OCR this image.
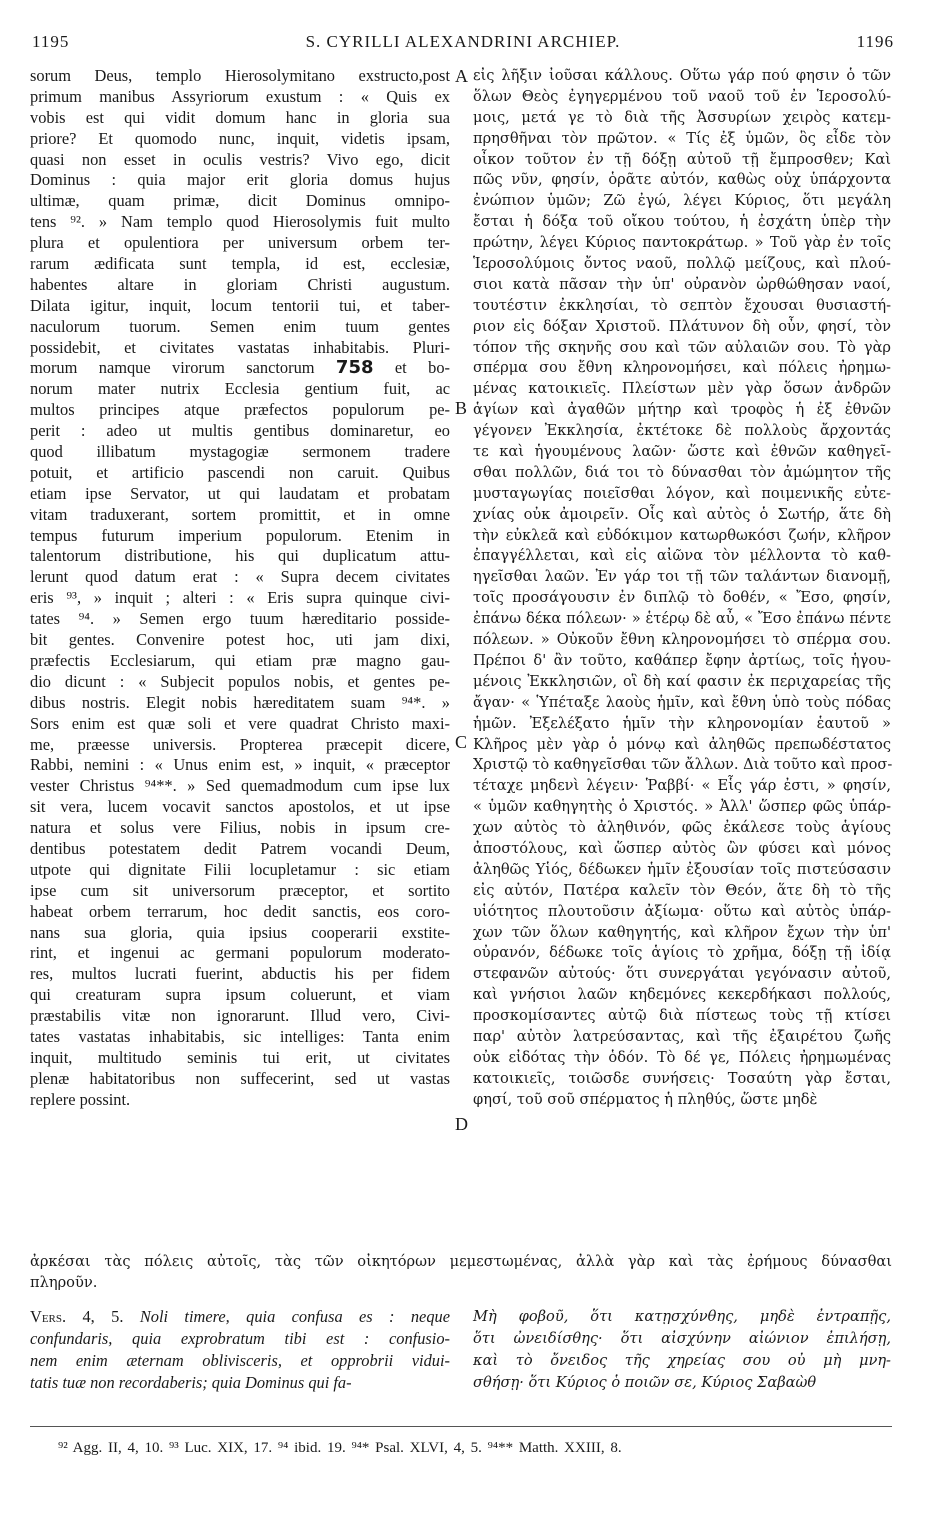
1195	S. CYRILLI ALEXANDRINI ARCHIEP.	1196
sorum Deus, templo Hierosolymitano exstructo,post
primum manibus Assyriorum exustum : « Quis ex
vobis est qui vidit domum hanc in gloria sua
priore? Et quomodo nunc, inquit, videtis ipsam,
quasi non esset in oculis vestris? Vivo ego, dicit
Dominus : quia major erit gloria domus hujus
ultimæ, quam primæ, dicit Dominus omnipo-
tens ⁹². » Nam templo quod Hierosolymis fuit multo
plura et opulentiora per universum orbem ter-
rarum ædificata sunt templa, id est, ecclesiæ,
habentes altare in gloriam Christi augustum.
Dilata igitur, inquit, locum tentorii tui, et taber-
naculorum tuorum. Semen enim tuum gentes
possidebit, et civitates vastatas inhabitabis. Pluri-
morum namque virorum sanctorum 758 et bo-
norum mater nutrix Ecclesia gentium fuit, ac
multos principes atque præfectos populorum pe-
perit : adeo ut multis gentibus dominaretur, eo
quod illibatum mystagogiæ sermonem tradere
potuit, et artificio pascendi non caruit. Quibus
etiam ipse Servator, ut qui laudatam et probatam
vitam traduxerant, sortem promittit, et in omne
tempus futurum imperium populorum. Etenim in
talentorum distributione, his qui duplicatum attu-
lerunt quod datum erat : « Supra decem civitates
eris ⁹³, » inquit ; alteri : « Eris supra quinque civi-
tates ⁹⁴. » Semen ergo tuum hæreditario posside-
bit gentes. Convenire potest hoc, uti jam dixi,
præfectis Ecclesiarum, qui etiam præ magno gau-
dio dicunt : « Subjecit populos nobis, et gentes pe-
dibus nostris. Elegit nobis hæreditatem suam ⁹⁴*. »
Sors enim est quæ soli et vere quadrat Christo maxi-
me, præesse universis. Propterea præcepit dicere,
Rabbi, nemini : « Unus enim est, » inquit, « præceptor
vester Christus ⁹⁴**. » Sed quemadmodum cum ipse lux
sit vera, lucem vocavit sanctos apostolos, et ut ipse
natura et solus vere Filius, nobis in ipsum cre-
dentibus potestatem dedit Patrem vocandi Deum,
utpote qui dignitate Filii locupletamur : sic etiam
ipse cum sit universorum præceptor, et sortito
habeat orbem terrarum, hoc dedit sanctis, eos coro-
nans sua gloria, quia ipsius cooperarii exstite-
rint, et ingenui ac germani populorum moderato-
res, multos lucrati fuerint, abductis his per fidem
qui creaturam supra ipsum coluerunt, et viam
præstabilis vitæ non ignorarunt. Illud vero, Civi-
tates vastatas inhabitabis, sic intelliges: Tanta enim
inquit, multitudo seminis tui erit, ut civitates
plenæ habitatoribus non suffecerint, sed ut vastas
replere possint.
εἰς λῆξιν ἰοῦσαι κάλλους. Οὕτω γάρ πού φησιν ὁ τῶν
ὅλων Θεὸς ἐγηγερμένου τοῦ ναοῦ τοῦ ἐν Ἱεροσολύ-
μοις, μετά γε τὸ διὰ τῆς Ἀσσυρίων χειρὸς κατεμ-
πρησθῆναι τὸν πρῶτον. « Τίς ἐξ ὑμῶν, ὃς εἶδε τὸν
οἶκον τοῦτον ἐν τῇ δόξῃ αὐτοῦ τῇ ἔμπροσθεν; Καὶ
πῶς νῦν, φησίν, ὁρᾶτε αὐτόν, καθὼς οὐχ ὑπάρχοντα
ἐνώπιον ὑμῶν; Ζῶ ἐγώ, λέγει Κύριος, ὅτι μεγάλη
ἔσται ἡ δόξα τοῦ οἴκου τούτου, ἡ ἐσχάτη ὑπὲρ τὴν
πρώτην, λέγει Κύριος παντοκράτωρ. » Τοῦ γὰρ ἐν τοῖς
Ἱεροσολύμοις ὄντος ναοῦ, πολλῷ μείζους, καὶ πλού-
σιοι κατὰ πᾶσαν τὴν ὑπ' οὐρανὸν ὠρθώθησαν ναοί,
τουτέστιν ἐκκλησίαι, τὸ σεπτὸν ἔχουσαι θυσιαστή-
ριον εἰς δόξαν Χριστοῦ. Πλάτυνον δὴ οὖν, φησί, τὸν
τόπον τῆς σκηνῆς σου καὶ τῶν αὐλαιῶν σου. Τὸ γὰρ
σπέρμα σου ἔθνη κληρονομήσει, καὶ πόλεις ἠρημω-
μένας κατοικιεῖς. Πλείστων μὲν γὰρ ὅσων ἀνδρῶν
ἁγίων καὶ ἀγαθῶν μήτηρ καὶ τροφὸς ἡ ἐξ ἐθνῶν
γέγονεν Ἐκκλησία, ἐκτέτοκε δὲ πολλοὺς ἄρχοντάς
τε καὶ ἡγουμένους λαῶν· ὥστε καὶ ἐθνῶν καθηγεῖ-
σθαι πολλῶν, διά τοι τὸ δύνασθαι τὸν ἀμώμητον τῆς
μυσταγωγίας ποιεῖσθαι λόγον, καὶ ποιμενικῆς εὐτε-
χνίας οὐκ ἀμοιρεῖν. Οἷς καὶ αὐτὸς ὁ Σωτήρ, ἅτε δὴ
τὴν εὐκλεᾶ καὶ εὐδόκιμον κατωρθωκόσι ζωήν, κλῆρον
ἐπαγγέλλεται, καὶ εἰς αἰῶνα τὸν μέλλοντα τὸ καθ-
ηγεῖσθαι λαῶν. Ἐν γάρ τοι τῇ τῶν ταλάντων διανομῇ,
τοῖς προσάγουσιν ἐν διπλῷ τὸ δοθέν, « Ἔσο, φησίν,
ἐπάνω δέκα πόλεων· » ἑτέρῳ δὲ αὖ, « Ἔσο ἐπάνω πέντε
πόλεων. » Οὐκοῦν ἔθνη κληρονομήσει τὸ σπέρμα σου.
Πρέποι δ' ἂν τοῦτο, καθάπερ ἔφην ἀρτίως, τοῖς ἡγου-
μένοις Ἐκκλησιῶν, οἳ δὴ καί φασιν ἐκ περιχαρείας τῆς
ἄγαν· « Ὑπέταξε λαοὺς ἡμῖν, καὶ ἔθνη ὑπὸ τοὺς πόδας
ἡμῶν. Ἐξελέξατο ἡμῖν τὴν κληρονομίαν ἑαυτοῦ »
Κλῆρος μὲν γὰρ ὁ μόνῳ καὶ ἀληθῶς πρεπωδέστατος
Χριστῷ τὸ καθηγεῖσθαι τῶν ἄλλων. Διὰ τοῦτο καὶ προσ-
τέταχε μηδενὶ λέγειν· Ῥαββί· « Εἷς γάρ ἐστι, » φησίν,
« ὑμῶν καθηγητὴς ὁ Χριστός. » Ἀλλ' ὥσπερ φῶς ὑπάρ-
χων αὐτὸς τὸ ἀληθινόν, φῶς ἐκάλεσε τοὺς ἁγίους
ἀποστόλους, καὶ ὥσπερ αὐτὸς ὢν φύσει καὶ μόνος
ἀληθῶς Υἱός, δέδωκεν ἡμῖν ἐξουσίαν τοῖς πιστεύσασιν
εἰς αὐτόν, Πατέρα καλεῖν τὸν Θεόν, ἅτε δὴ τὸ τῆς
υἱότητος πλουτοῦσιν ἀξίωμα· οὕτω καὶ αὐτὸς ὑπάρ-
χων τῶν ὅλων καθηγητής, καὶ κλῆρον ἔχων τὴν ὑπ'
οὐρανόν, δέδωκε τοῖς ἁγίοις τὸ χρῆμα, δόξῃ τῇ ἰδίᾳ
στεφανῶν αὐτούς· ὅτι συνεργάται γεγόνασιν αὐτοῦ,
καὶ γνήσιοι λαῶν κηδεμόνες κεκερδήκασι πολλούς,
προσκομίσαντες αὐτῷ διὰ πίστεως τοὺς τῇ κτίσει
παρ' αὐτὸν λατρεύσαντας, καὶ τῆς ἐξαιρέτου ζωῆς
οὐκ εἰδότας τὴν ὁδόν. Τὸ δέ γε, Πόλεις ἠρημωμένας
κατοικιεῖς, τοιῶσδε συνήσεις· Τοσαύτη γὰρ ἔσται,
φησί, τοῦ σοῦ σπέρματος ἡ πληθύς, ὥστε μηδὲ
A
B
C
D
ἀρκέσαι τὰς πόλεις αὐτοῖς, τὰς τῶν οἰκητόρων μεμεστωμένας, ἀλλὰ γὰρ καὶ τὰς ἐρήμους δύνασθαι
πληροῦν.
Vers. 4, 5. Noli timere, quia confusa es : neque
confundaris, quia exprobratum tibi est : confusio-
nem enim æternam oblivisceris, et opprobrii vidui-
tatis tuæ non recordaberis; quia Dominus qui fa-
Μὴ φοβοῦ, ὅτι κατῃσχύνθης, μηδὲ ἐντραπῇς,
ὅτι ὠνειδίσθης· ὅτι αἰσχύνην αἰώνιον ἐπιλήσῃ,
καὶ τὸ ὄνειδος τῆς χηρείας σου οὐ μὴ μνη-
σθήσῃ· ὅτι Κύριος ὁ ποιῶν σε, Κύριος Σαβαὼθ
⁹² Agg. II, 4, 10. ⁹³ Luc. XIX, 17. ⁹⁴ ibid. 19. ⁹⁴* Psal. XLVI, 4, 5. ⁹⁴** Matth. XXIII, 8.
